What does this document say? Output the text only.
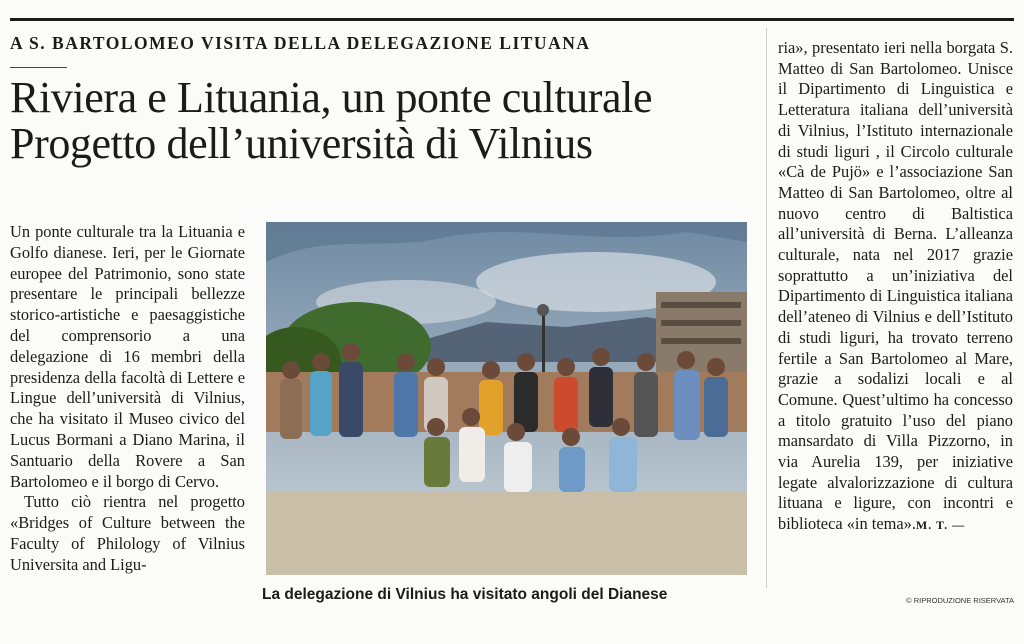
A S. BARTOLOMEO VISITA DELLA DELEGAZIONE LITUANA
Riviera e Lituania, un ponte culturale
Progetto dell’università di Vilnius

Un ponte culturale tra la Lituania e Golfo dianese. Ieri, per le Giornate europee del Patrimonio, sono state presentare le principali bellezze storico-artistiche e paesaggistiche del comprensorio a una delegazione di 16 membri della presidenza della facoltà di Lettere e Lingue dell’università di Vilnius, che ha visitato il Museo civico del Lucus Bormani a Diano Marina, il Santuario della Rovere a San Bartolomeo e il borgo di Cervo.

Tutto ciò rientra nel progetto «Bridges of Culture between the Faculty of Philology of Vilnius Universita and Ligu-

La delegazione di Vilnius ha visitato angoli del Dianese

ria», presentato ieri nella borgata S. Matteo di San Bartolomeo. Unisce il Dipartimento di Linguistica e Letteratura italiana dell’università di Vilnius, l’Istituto internazionale di studi liguri , il Circolo culturale «Cà de Pujö» e l’associazione San Matteo di San Bartolomeo, oltre al nuovo centro di Baltistica all’università di Berna. L’alleanza culturale, nata nel 2017 grazie soprattutto a un’iniziativa del Dipartimento di Linguistica italiana dell’ateneo di Vilnius e dell’Istituto di studi liguri, ha trovato terreno fertile a San Bartolomeo al Mare, grazie a sodalizi locali e al Comune. Quest’ultimo ha concesso a titolo gratuito l’uso del piano mansardato di Villa Pizzorno, in via Aurelia 139, per iniziative legate alvalorizzazione di cultura lituana e ligure, con incontri e biblioteca «in tema».M. T. —

© RIPRODUZIONE RISERVATA
